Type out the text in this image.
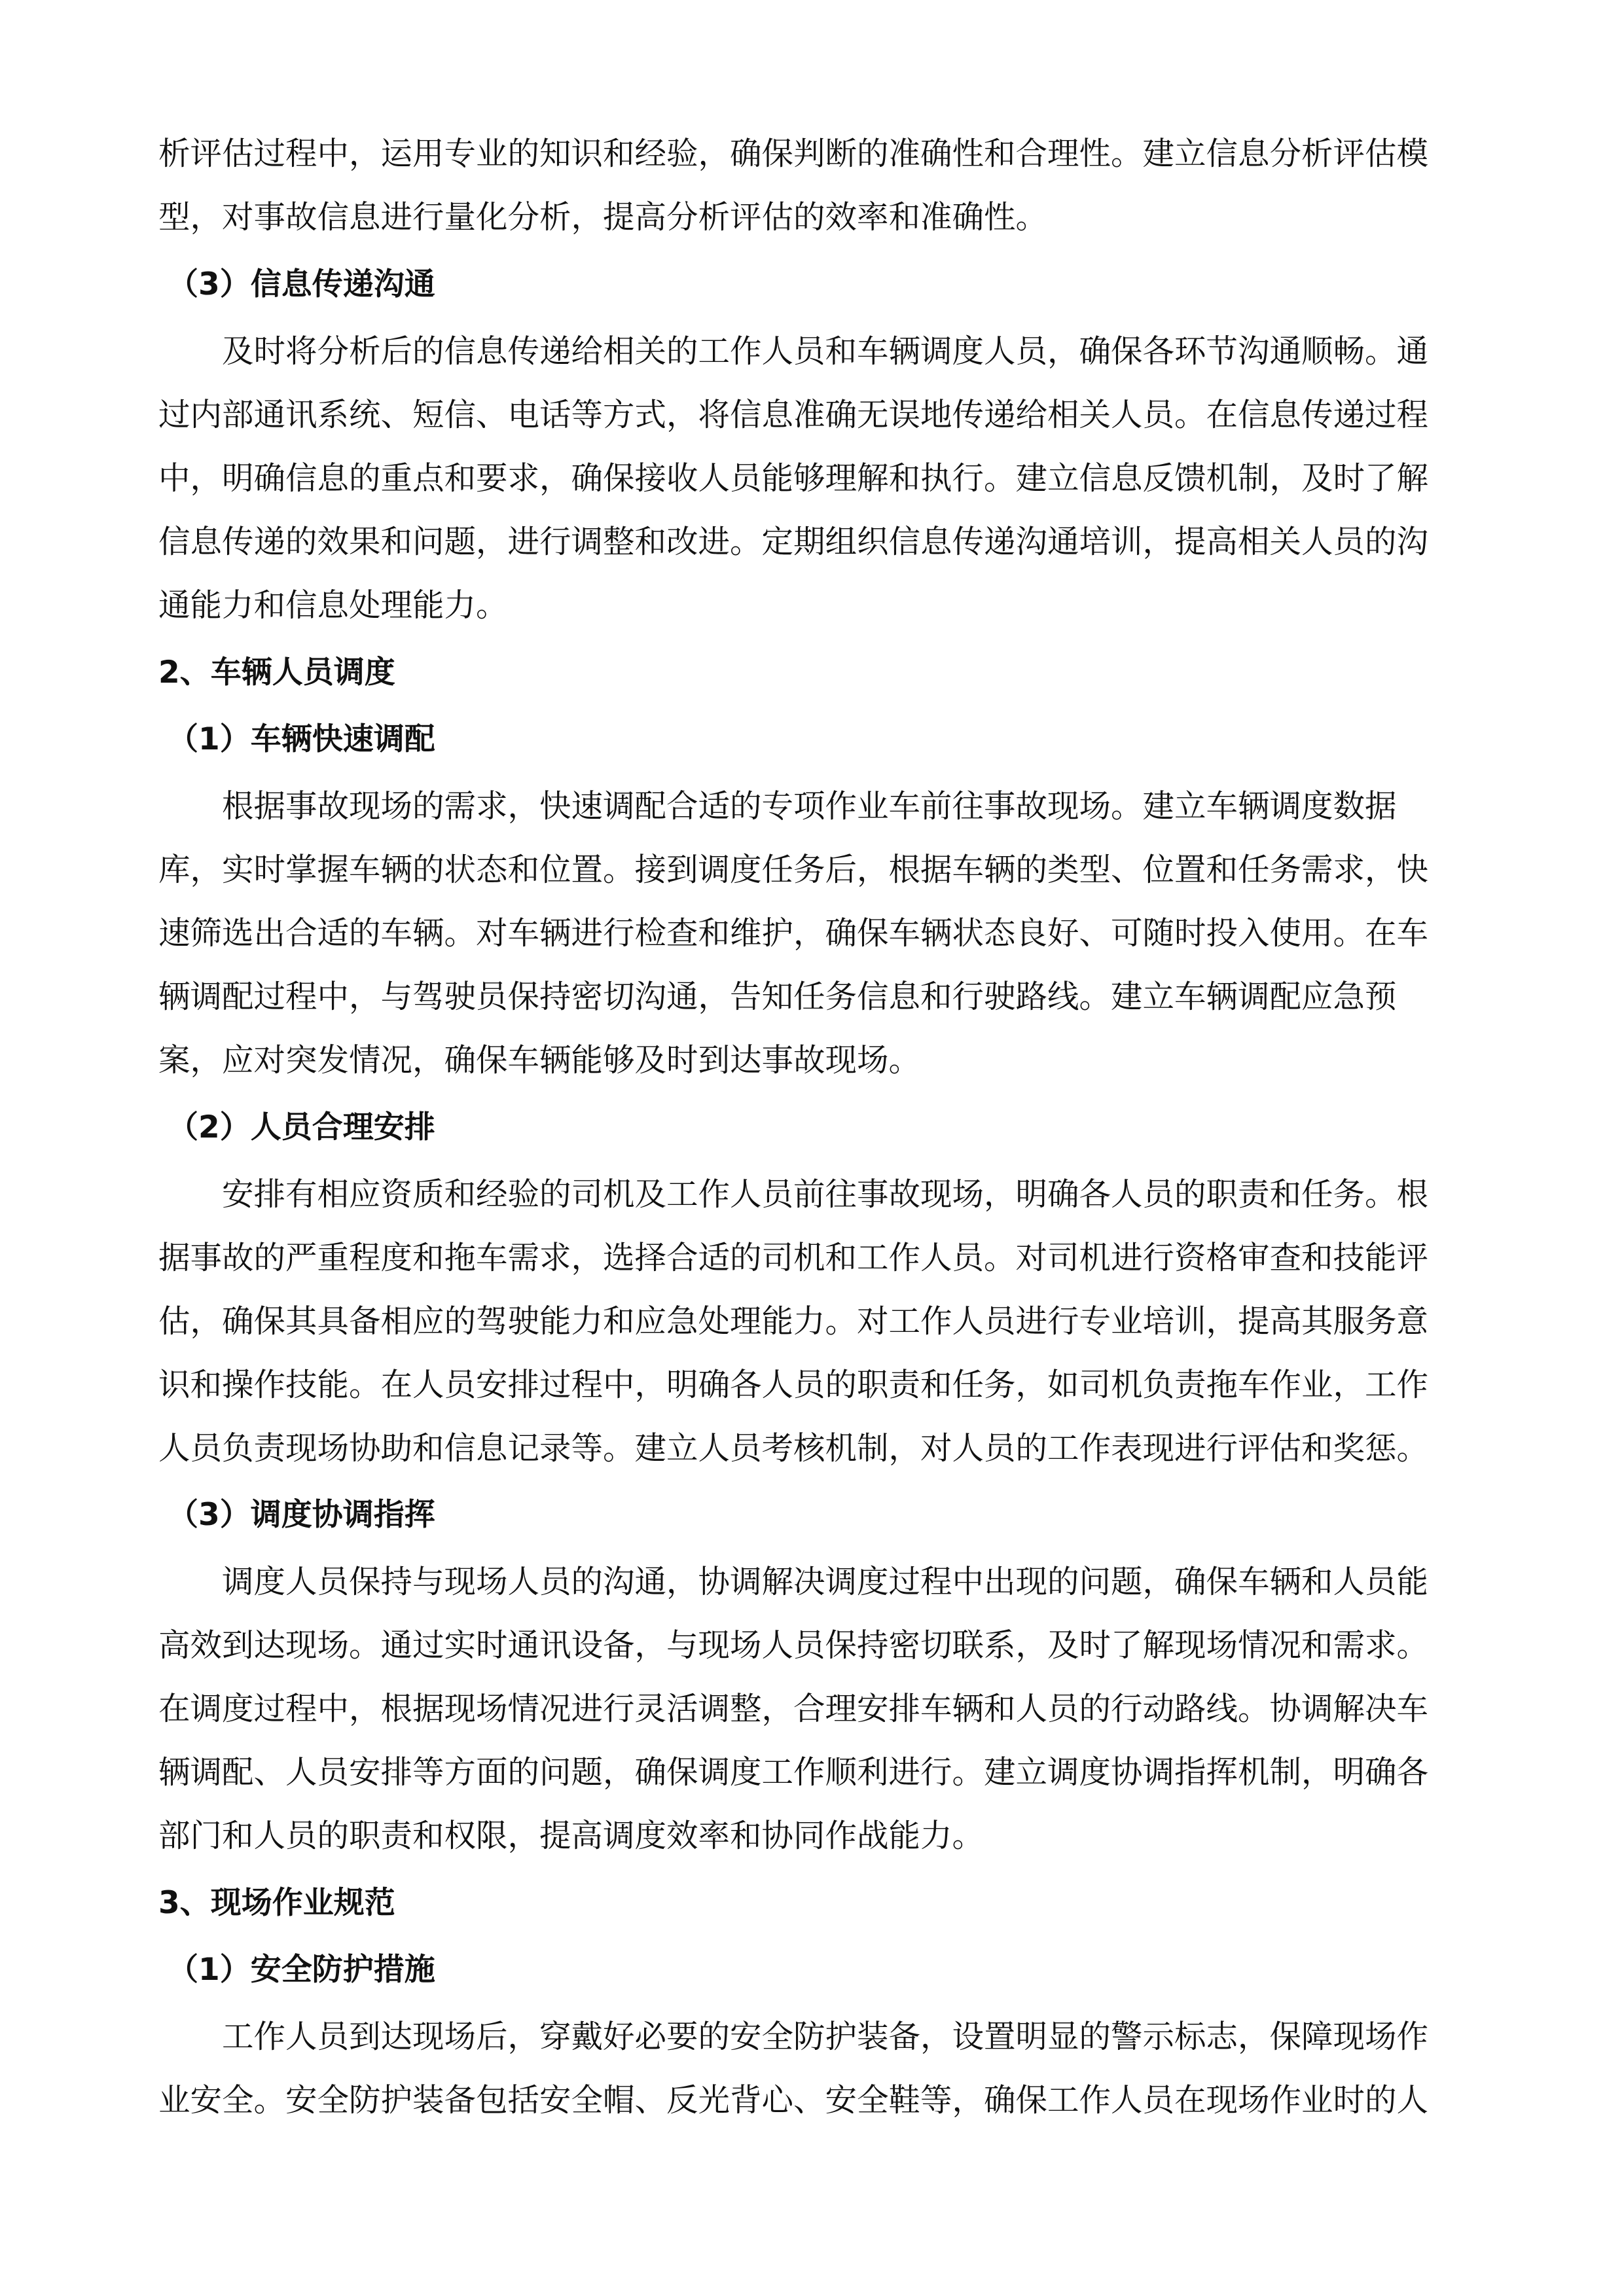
析评估过程中，运用专业的知识和经验，确保判断的准确性和合理性。建立信息分析评估模
型，对事故信息进行量化分析，提高分析评估的效率和准确性。
（3）信息传递沟通
及时将分析后的信息传递给相关的工作人员和车辆调度人员，确保各环节沟通顺畅。通
过内部通讯系统、短信、电话等方式，将信息准确无误地传递给相关人员。在信息传递过程
中，明确信息的重点和要求，确保接收人员能够理解和执行。建立信息反馈机制，及时了解
信息传递的效果和问题，进行调整和改进。定期组织信息传递沟通培训，提高相关人员的沟
通能力和信息处理能力。
2、车辆人员调度
（1）车辆快速调配
根据事故现场的需求，快速调配合适的专项作业车前往事故现场。建立车辆调度数据
库，实时掌握车辆的状态和位置。接到调度任务后，根据车辆的类型、位置和任务需求，快
速筛选出合适的车辆。对车辆进行检查和维护，确保车辆状态良好、可随时投入使用。在车
辆调配过程中，与驾驶员保持密切沟通，告知任务信息和行驶路线。建立车辆调配应急预
案，应对突发情况，确保车辆能够及时到达事故现场。
（2）人员合理安排
安排有相应资质和经验的司机及工作人员前往事故现场，明确各人员的职责和任务。根
据事故的严重程度和拖车需求，选择合适的司机和工作人员。对司机进行资格审查和技能评
估，确保其具备相应的驾驶能力和应急处理能力。对工作人员进行专业培训，提高其服务意
识和操作技能。在人员安排过程中，明确各人员的职责和任务，如司机负责拖车作业，工作
人员负责现场协助和信息记录等。建立人员考核机制，对人员的工作表现进行评估和奖惩。
（3）调度协调指挥
调度人员保持与现场人员的沟通，协调解决调度过程中出现的问题，确保车辆和人员能
高效到达现场。通过实时通讯设备，与现场人员保持密切联系，及时了解现场情况和需求。
在调度过程中，根据现场情况进行灵活调整，合理安排车辆和人员的行动路线。协调解决车
辆调配、人员安排等方面的问题，确保调度工作顺利进行。建立调度协调指挥机制，明确各
部门和人员的职责和权限，提高调度效率和协同作战能力。
3、现场作业规范
（1）安全防护措施
工作人员到达现场后，穿戴好必要的安全防护装备，设置明显的警示标志，保障现场作
业安全。安全防护装备包括安全帽、反光背心、安全鞋等，确保工作人员在现场作业时的人
